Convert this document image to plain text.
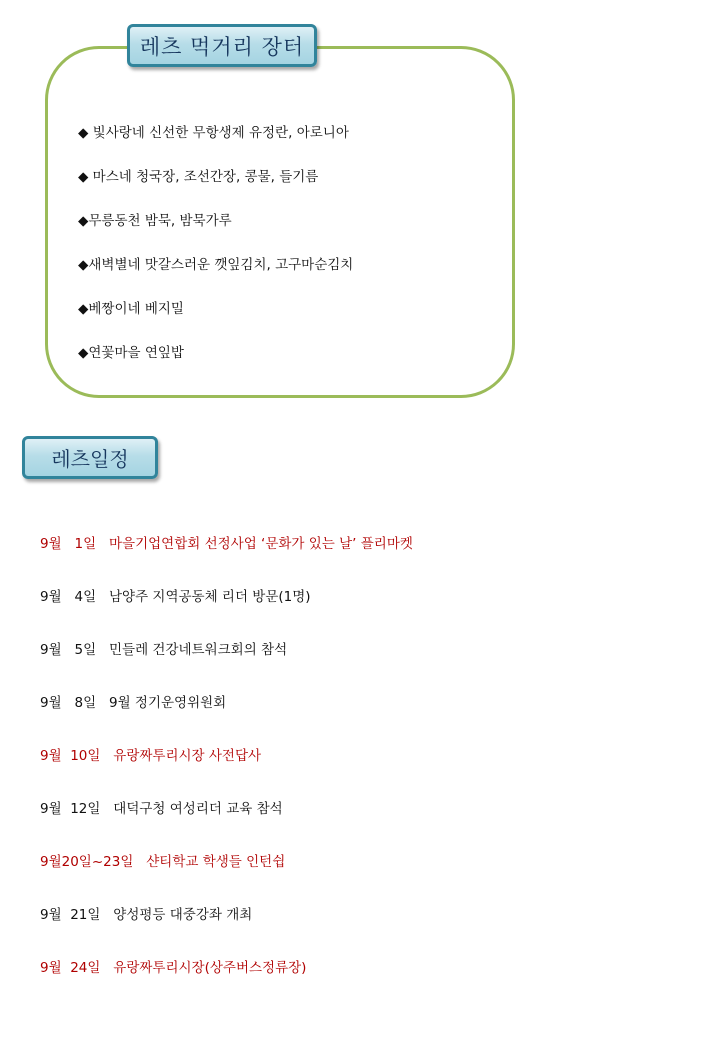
레츠 먹거리 장터
◆ 빛사랑네 신선한 무항생제 유정란, 아로니아
◆ 마스네 청국장, 조선간장, 콩물, 들기름
◆무릉동천 밤묵, 밤묵가루
◆새벽별네 맛갈스러운 깻잎김치, 고구마순김치
◆베짱이네 베지밀
◆연꽃마을 연잎밥
레츠일정
9월   1일   마을기업연합회 선정사업 ‘문화가 있는 날’ 플리마켓
9월   4일   남양주 지역공동체 리더 방문(1명)
9월   5일   민들레 건강네트워크회의 참석
9월   8일   9월 정기운영위원회
9월  10일   유랑짜투리시장 사전답사
9월  12일   대덕구청 여성리더 교육 참석
9월20일~23일   샨티학교 학생들 인턴쉽
9월  21일   양성평등 대중강좌 개최
9월  24일   유랑짜투리시장(상주버스정류장)
